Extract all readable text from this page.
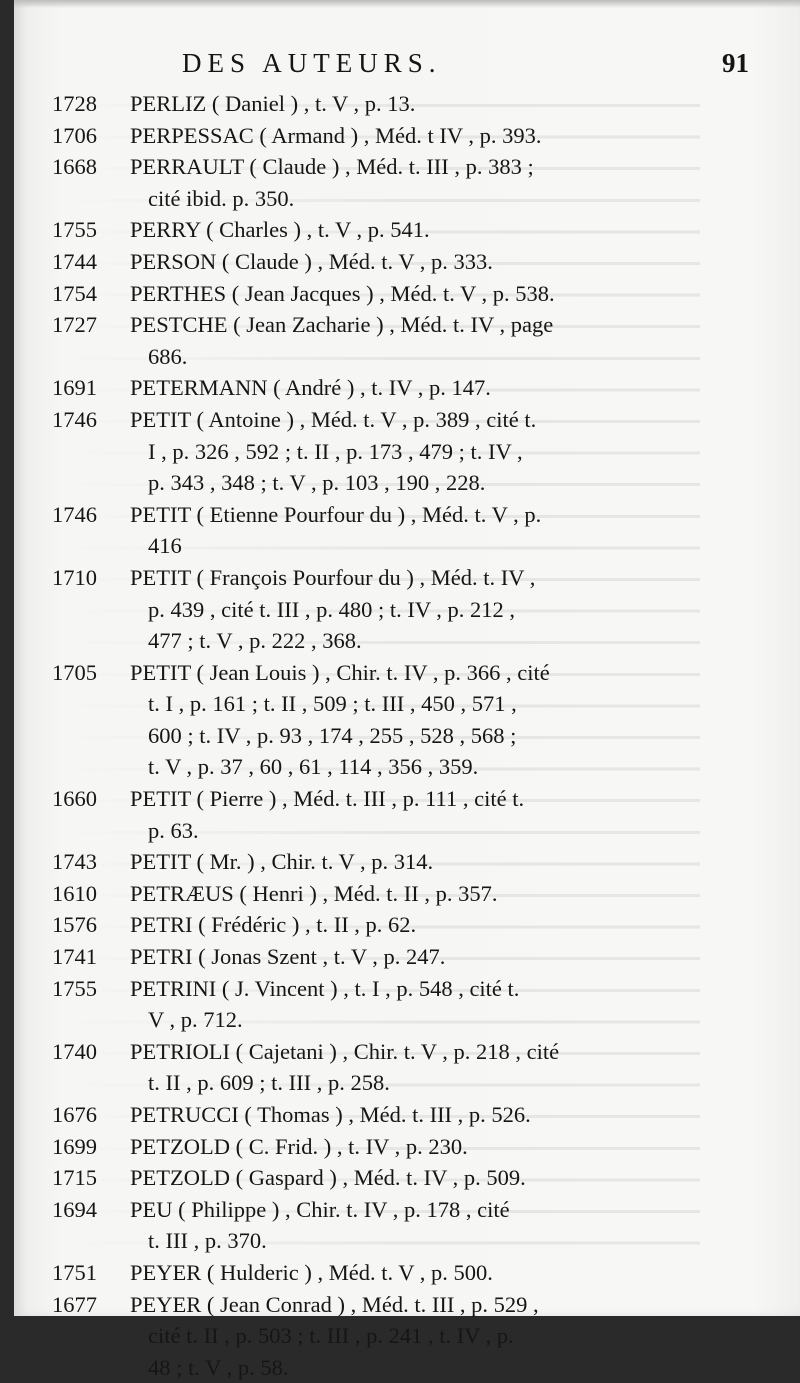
DES AUTEURS.	91
1728 PERLIZ ( Daniel ) , t. V , p. 13.
1706 PERPESSAC ( Armand ) , Méd. t IV , p. 393.
1668 PERRAULT ( Claude ) , Méd. t. III , p. 383 ;
cité ibid. p. 350.
1755 PERRY ( Charles ) , t. V , p. 541.
1744 PERSON ( Claude ) , Méd. t. V , p. 333.
1754 PERTHES ( Jean Jacques ) , Méd. t. V , p. 538.
1727 PESTCHE ( Jean Zacharie ) , Méd. t. IV , page
686.
1691 PETERMANN ( André ) , t. IV , p. 147.
1746 PETIT ( Antoine ) , Méd. t. V , p. 389 , cité t.
I , p. 326 , 592 ; t. II , p. 173 , 479 ; t. IV ,
p. 343 , 348 ; t. V , p. 103 , 190 , 228.
1746 PETIT ( Etienne Pourfour du ) , Méd. t. V , p.
416
1710 PETIT ( François Pourfour du ) , Méd. t. IV ,
p. 439 , cité t. III , p. 480 ; t. IV , p. 212 ,
477 ; t. V , p. 222 , 368.
1705 PETIT ( Jean Louis ) , Chir. t. IV , p. 366 , cité
t. I , p. 161 ; t. II , 509 ; t. III , 450 , 571 ,
600 ; t. IV , p. 93 , 174 , 255 , 528 , 568 ;
t. V , p. 37 , 60 , 61 , 114 , 356 , 359.
1660 PETIT ( Pierre ) , Méd. t. III , p. 111 , cité t.
p. 63.
1743 PETIT ( Mr. ) , Chir. t. V , p. 314.
1610 PETRÆUS ( Henri ) , Méd. t. II , p. 357.
1576 PETRI ( Frédéric ) , t. II , p. 62.
1741 PETRI ( Jonas Szent , t. V , p. 247.
1755 PETRINI ( J. Vincent ) , t. I , p. 548 , cité t.
V , p. 712.
1740 PETRIOLI ( Cajetani ) , Chir. t. V , p. 218 , cité
t. II , p. 609 ; t. III , p. 258.
1676 PETRUCCI ( Thomas ) , Méd. t. III , p. 526.
1699 PETZOLD ( C. Frid. ) , t. IV , p. 230.
1715 PETZOLD ( Gaspard ) , Méd. t. IV , p. 509.
1694 PEU ( Philippe ) , Chir. t. IV , p. 178 , cité
t. III , p. 370.
1751 PEYER ( Hulderic ) , Méd. t. V , p. 500.
1677 PEYER ( Jean Conrad ) , Méd. t. III , p. 529 ,
cité t. II , p. 503 ; t. III , p. 241 , t. IV , p.
48 ; t. V , p. 58.
